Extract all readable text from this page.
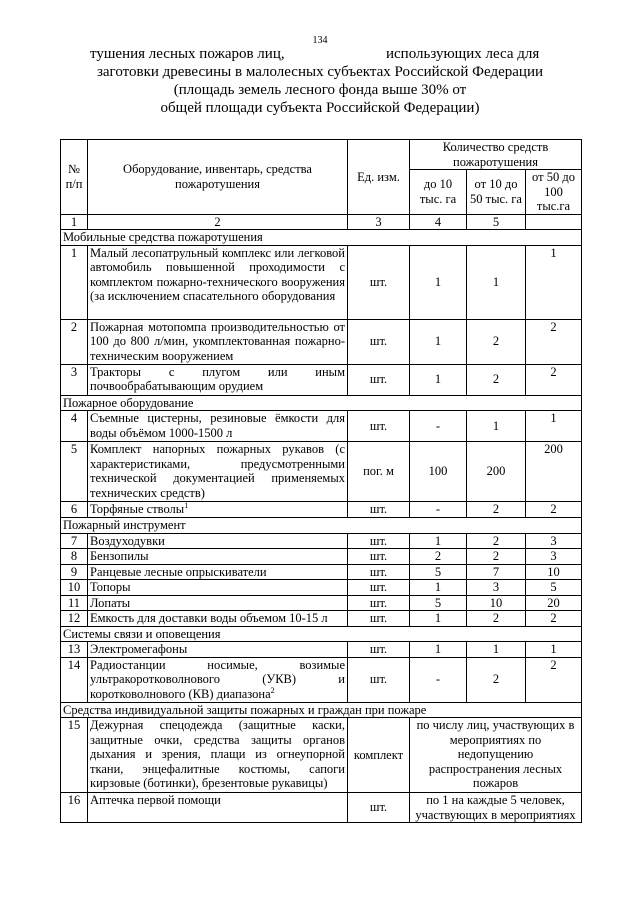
134
тушения лесных пожаров лиц,	использующих леса для
заготовки древесины в малолесных субъектах Российской Федерации
(площадь земель лесного фонда выше 30% от
общей площади субъекта Российской Федерации)
№ п/п	Оборудование, инвентарь, средства пожаротушения	Ед. изм.	Количество средств пожаротушения		
			до 10 тыс. га	от 10 до 50 тыс. га	от 50 до 100 тыс.га
1	2	3	4	5	
Мобильные средства пожаротушения					
1	Малый лесопатрульный комплекс или легковой автомобиль повышенной проходимости с комплектом пожарно-технического вооружения (за исключением спасательного оборудования	шт.	1	1	1
2	Пожарная мотопомпа производительностью от 100 до 800 л/мин, укомплектованная пожарно-техническим вооружением	шт.	1	2	2
3	Тракторы с плугом или иным почвообрабатывающим орудием	шт.	1	2	2
Пожарное оборудование					
4	Съемные цистерны, резиновые ёмкости для воды объёмом 1000-1500 л	шт.	-	1	1
5	Комплект напорных пожарных рукавов (с характеристиками, предусмотренными технической документацией применяемых технических средств)	пог. м	100	200	200
6	Торфяные стволы$^1$	шт.	-	2	2
Пожарный инструмент					
7	Воздуходувки	шт.	1	2	3
8	Бензопилы	шт.	2	2	3
9	Ранцевые лесные опрыскиватели	шт.	5	7	10
10	Топоры	шт.	1	3	5
11	Лопаты	шт.	5	10	20
12	Емкость для доставки воды объемом 10-15 л	шт.	1	2	2
Системы связи и оповещения					
13	Электромегафоны	шт.	1	1	1
14	Радиостанции носимые, возимые ультракоротковолнового (УКВ) и коротковолнового (КВ) диапазона$^2$	шт.	-	2	2
Средства индивидуальной защиты пожарных и граждан при пожаре					
15	Дежурная спецодежда (защитные каски, защитные очки, средства защиты органов дыхания и зрения, плащи из огнеупорной ткани, энцефалитные костюмы, сапоги кирзовые (ботинки), брезентовые рукавицы)	комплект	по числу лиц, участвующих в мероприятиях по недопущению распространения лесных пожаров		
16	Аптечка первой помощи	шт.	по 1 на каждые 5 человек, участвующих в мероприятиях		
